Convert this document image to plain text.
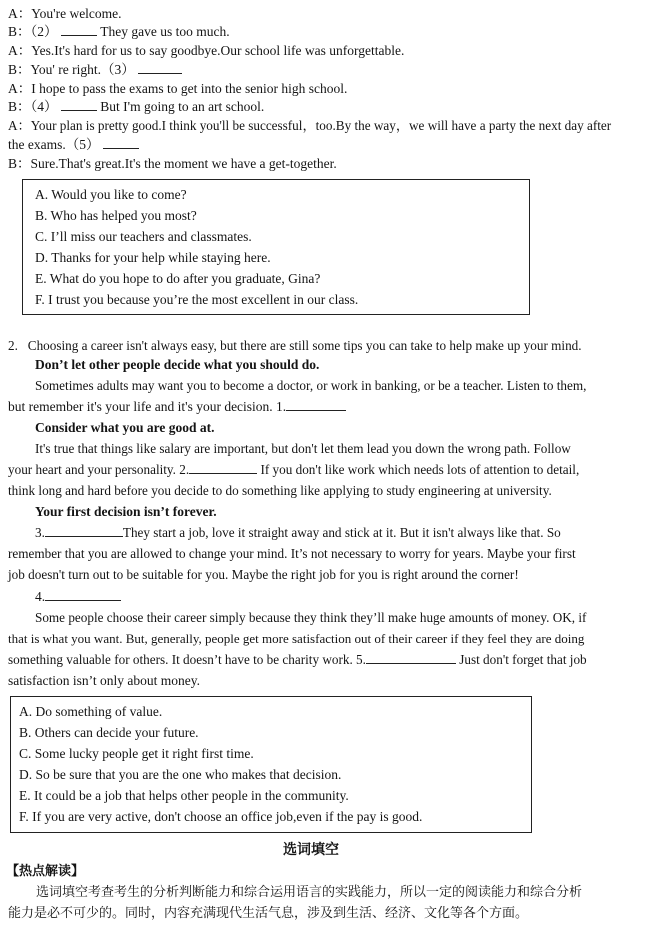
A：You're welcome.
B：（2）	They gave us too much.
A：Yes.It's hard for us to say goodbye.Our school life was unforgettable.
B：You' re right.（3）
A：I hope to pass the exams to get into the senior high school.
B：（4）	But I'm going to an art school.
A：Your plan is pretty good.I think you'll be successful，too.By the way，we will have a party the next day after
the exams.（5）
B：Sure.That's great.It's the moment we have a get-together.
A. Would you like to come?
B. Who has helped you most?
C. I’ll miss our teachers and classmates.
D. Thanks for your help while staying here.
E. What do you hope to do after you graduate, Gina?
F. I trust you because you’re the most excellent in our class.
2. Choosing a career isn't always easy, but there are still some tips you can take to help make up your mind.
Don’t let other people decide what you should do.
Sometimes adults may want you to become a doctor, or work in banking, or be a teacher. Listen to them,
but remember it's your life and it's your decision. 1.
Consider what you are good at.
It's true that things like salary are important, but don't let them lead you down the wrong path. Follow
your heart and your personality. 2.	If you don't like work which needs lots of attention to detail,
think long and hard before you decide to do something like applying to study engineering at university.
Your first decision isn’t forever.
3.	They start a job, love it straight away and stick at it. But it isn't always like that. So
remember that you are allowed to change your mind. It’s not necessary to worry for years. Maybe your first
job doesn't turn out to be suitable for you. Maybe the right job for you is right around the corner!
4.
Some people choose their career simply because they think they’ll make huge amounts of money. OK, if
that is what you want. But, generally, people get more satisfaction out of their career if they feel they are doing
something valuable for others. It doesn’t have to be charity work. 5.	Just don't forget that job
satisfaction isn’t only about money.
A. Do something of value.
B. Others can decide your future.
C. Some lucky people get it right first time.
D. So be sure that you are the one who makes that decision.
E. It could be a job that helps other people in the community.
F. If you are very active, don't choose an office job,even if the pay is good.
选词填空
【热点解读】
选词填空考查考生的分析判断能力和综合运用语言的实践能力，所以一定的阅读能力和综合分析
能力是必不可少的。同时，内容充满现代生活气息，涉及到生活、经济、文化等各个方面。
